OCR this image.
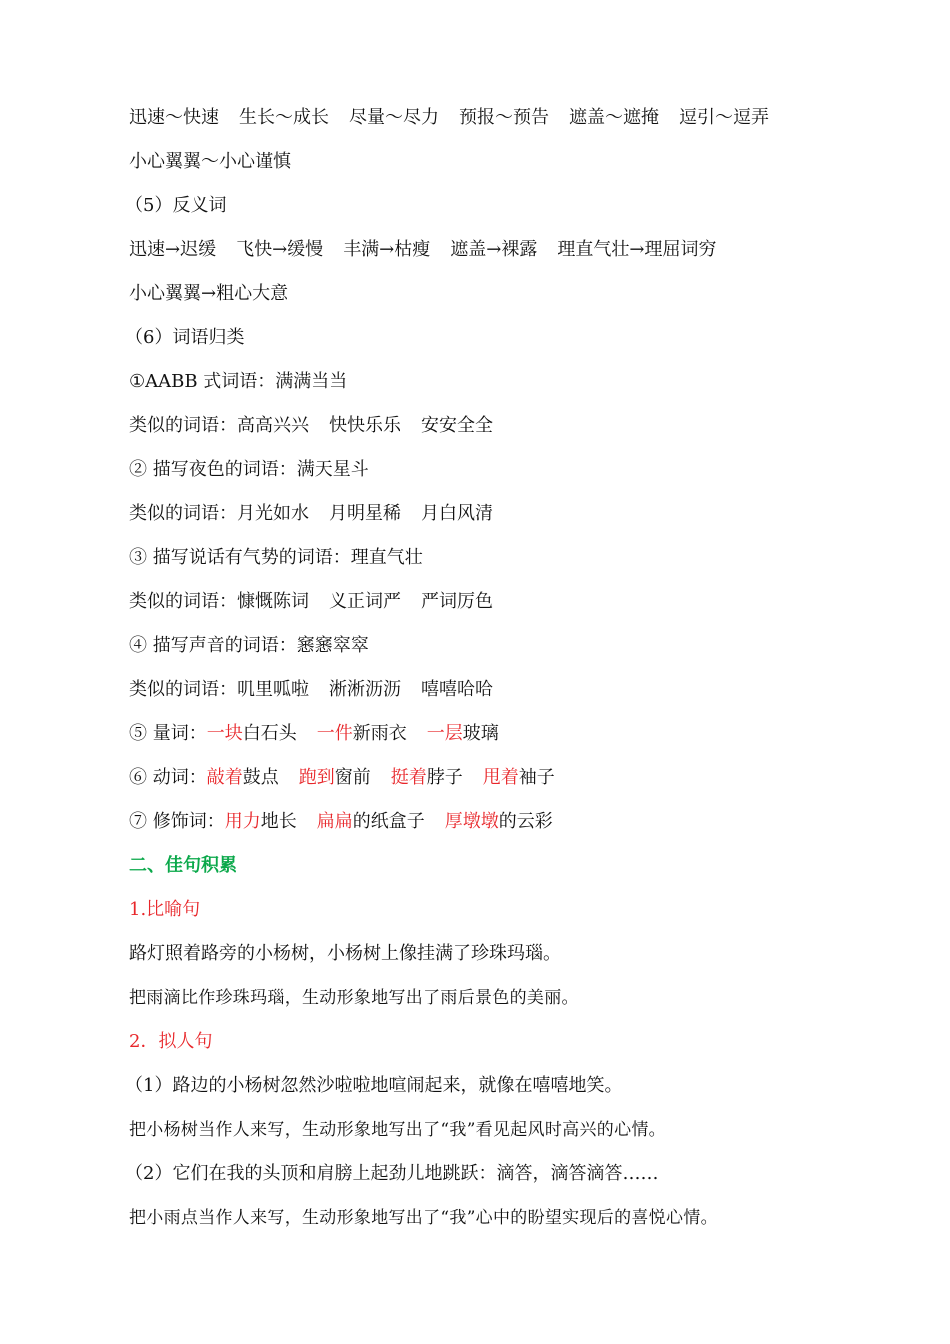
迅速～快速 生长～成长 尽量～尽力 预报～预告 遮盖～遮掩 逗引～逗弄
小心翼翼～小心谨慎
（5）反义词
迅速→迟缓 飞快→缓慢 丰满→枯瘦 遮盖→裸露 理直气壮→理屈词穷
小心翼翼→粗心大意
（6）词语归类
①AABB 式词语：满满当当
类似的词语：高高兴兴 快快乐乐 安安全全
② 描写夜色的词语：满天星斗
类似的词语：月光如水 月明星稀 月白风清
③ 描写说话有气势的词语：理直气壮
类似的词语：慷慨陈词 义正词严 严词厉色
④ 描写声音的词语：窸窸窣窣
类似的词语：叽里呱啦 淅淅沥沥 嘻嘻哈哈
⑤ 量词： 一块白石头 一件新雨衣 一层玻璃
⑥ 动词： 敲着鼓点 跑到窗前 挺着脖子 甩着袖子
⑦ 修饰词： 用力地长 扁扁的纸盒子 厚墩墩的云彩
二、佳句积累
1.比喻句
路灯照着路旁的小杨树，小杨树上像挂满了珍珠玛瑙。
把雨滴比作珍珠玛瑙，生动形象地写出了雨后景色的美丽。
2．拟人句
（1）路边的小杨树忽然沙啦啦地喧闹起来，就像在嘻嘻地笑。
把小杨树当作人来写，生动形象地写出了“我”看见起风时高兴的心情。
（2）它们在我的头顶和肩膀上起劲儿地跳跃：滴答，滴答滴答……
把小雨点当作人来写，生动形象地写出了“我”心中的盼望实现后的喜悦心情。
